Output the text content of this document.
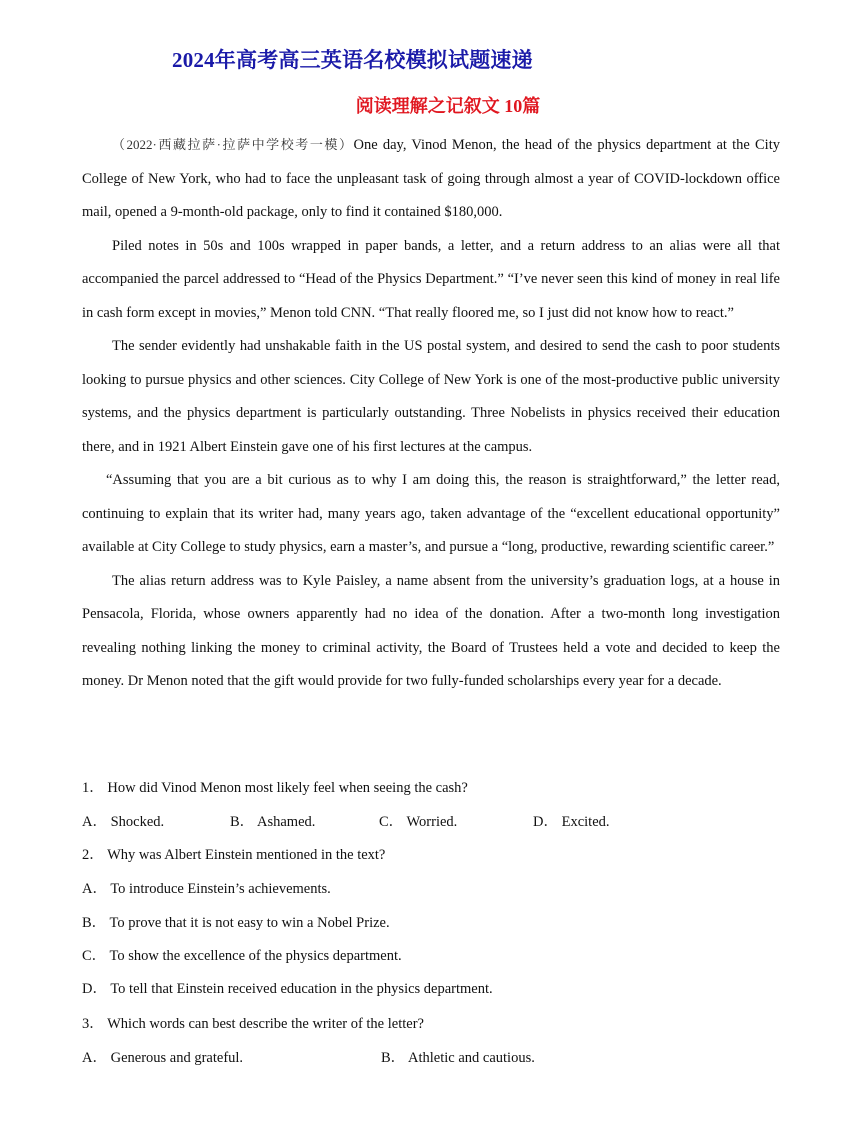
2024年高考高三英语名校模拟试题速递
阅读理解之记叙文 10篇

（2022·西藏拉萨·拉萨中学校考一模）One day, Vinod Menon, the head of the physics department at the City College of New York, who had to face the unpleasant task of going through almost a year of COVID-lockdown office mail, opened a 9-month-old package, only to find it contained $180,000.

Piled notes in 50s and 100s wrapped in paper bands, a letter, and a return address to an alias were all that accompanied the parcel addressed to “Head of the Physics Department.” “I’ve never seen this kind of money in real life in cash form except in movies,” Menon told CNN. “That really floored me, so I just did not know how to react.”

The sender evidently had unshakable faith in the US postal system, and desired to send the cash to poor students looking to pursue physics and other sciences. City College of New York is one of the most-productive public university systems, and the physics department is particularly outstanding. Three Nobelists in physics received their education there, and in 1921 Albert Einstein gave one of his first lectures at the campus.

“Assuming that you are a bit curious as to why I am doing this, the reason is straightforward,” the letter read, continuing to explain that its writer had, many years ago, taken advantage of the “excellent educational opportunity” available at City College to study physics, earn a master’s, and pursue a “long, productive, rewarding scientific career.”

The alias return address was to Kyle Paisley, a name absent from the university’s graduation logs, at a house in Pensacola, Florida, whose owners apparently had no idea of the donation. After a two-month long investigation revealing nothing linking the money to criminal activity, the Board of Trustees held a vote and decided to keep the money. Dr Menon noted that the gift would provide for two fully-funded scholarships every year for a decade.

1． How did Vinod Menon most likely feel when seeing the cash?
A． Shocked.	B． Ashamed.	C． Worried.	D． Excited.
2． Why was Albert Einstein mentioned in the text?
A． To introduce Einstein’s achievements.
B． To prove that it is not easy to win a Nobel Prize.
C． To show the excellence of the physics department.
D． To tell that Einstein received education in the physics department.
3． Which words can best describe the writer of the letter?
A． Generous and grateful.	B． Athletic and cautious.
